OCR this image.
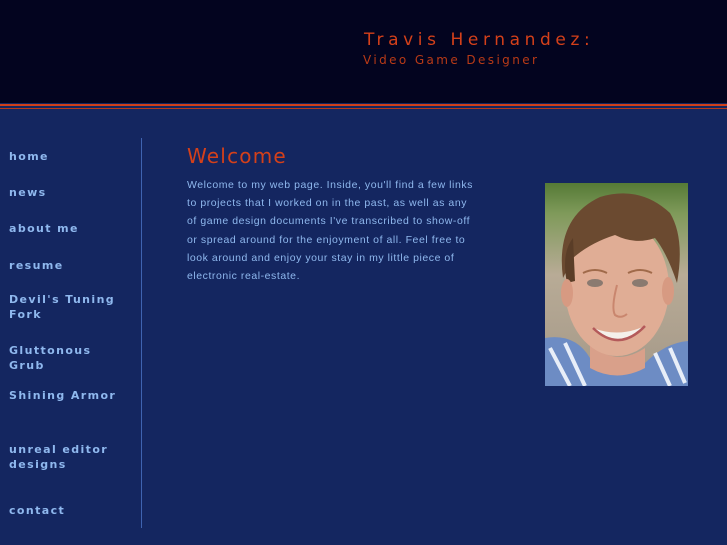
Travis Hernandez:
Video Game Designer
home
news
about me
resume
Devil's Tuning Fork
Gluttonous Grub
Shining Armor
unreal editor designs
contact
Welcome

Welcome to my web page. Inside, you'll find a few links to projects that I worked on in the past, as well as any of game design documents I've transcribed to show-off or spread around for the enjoyment of all. Feel free to look around and enjoy your stay in my little piece of electronic real-estate.
